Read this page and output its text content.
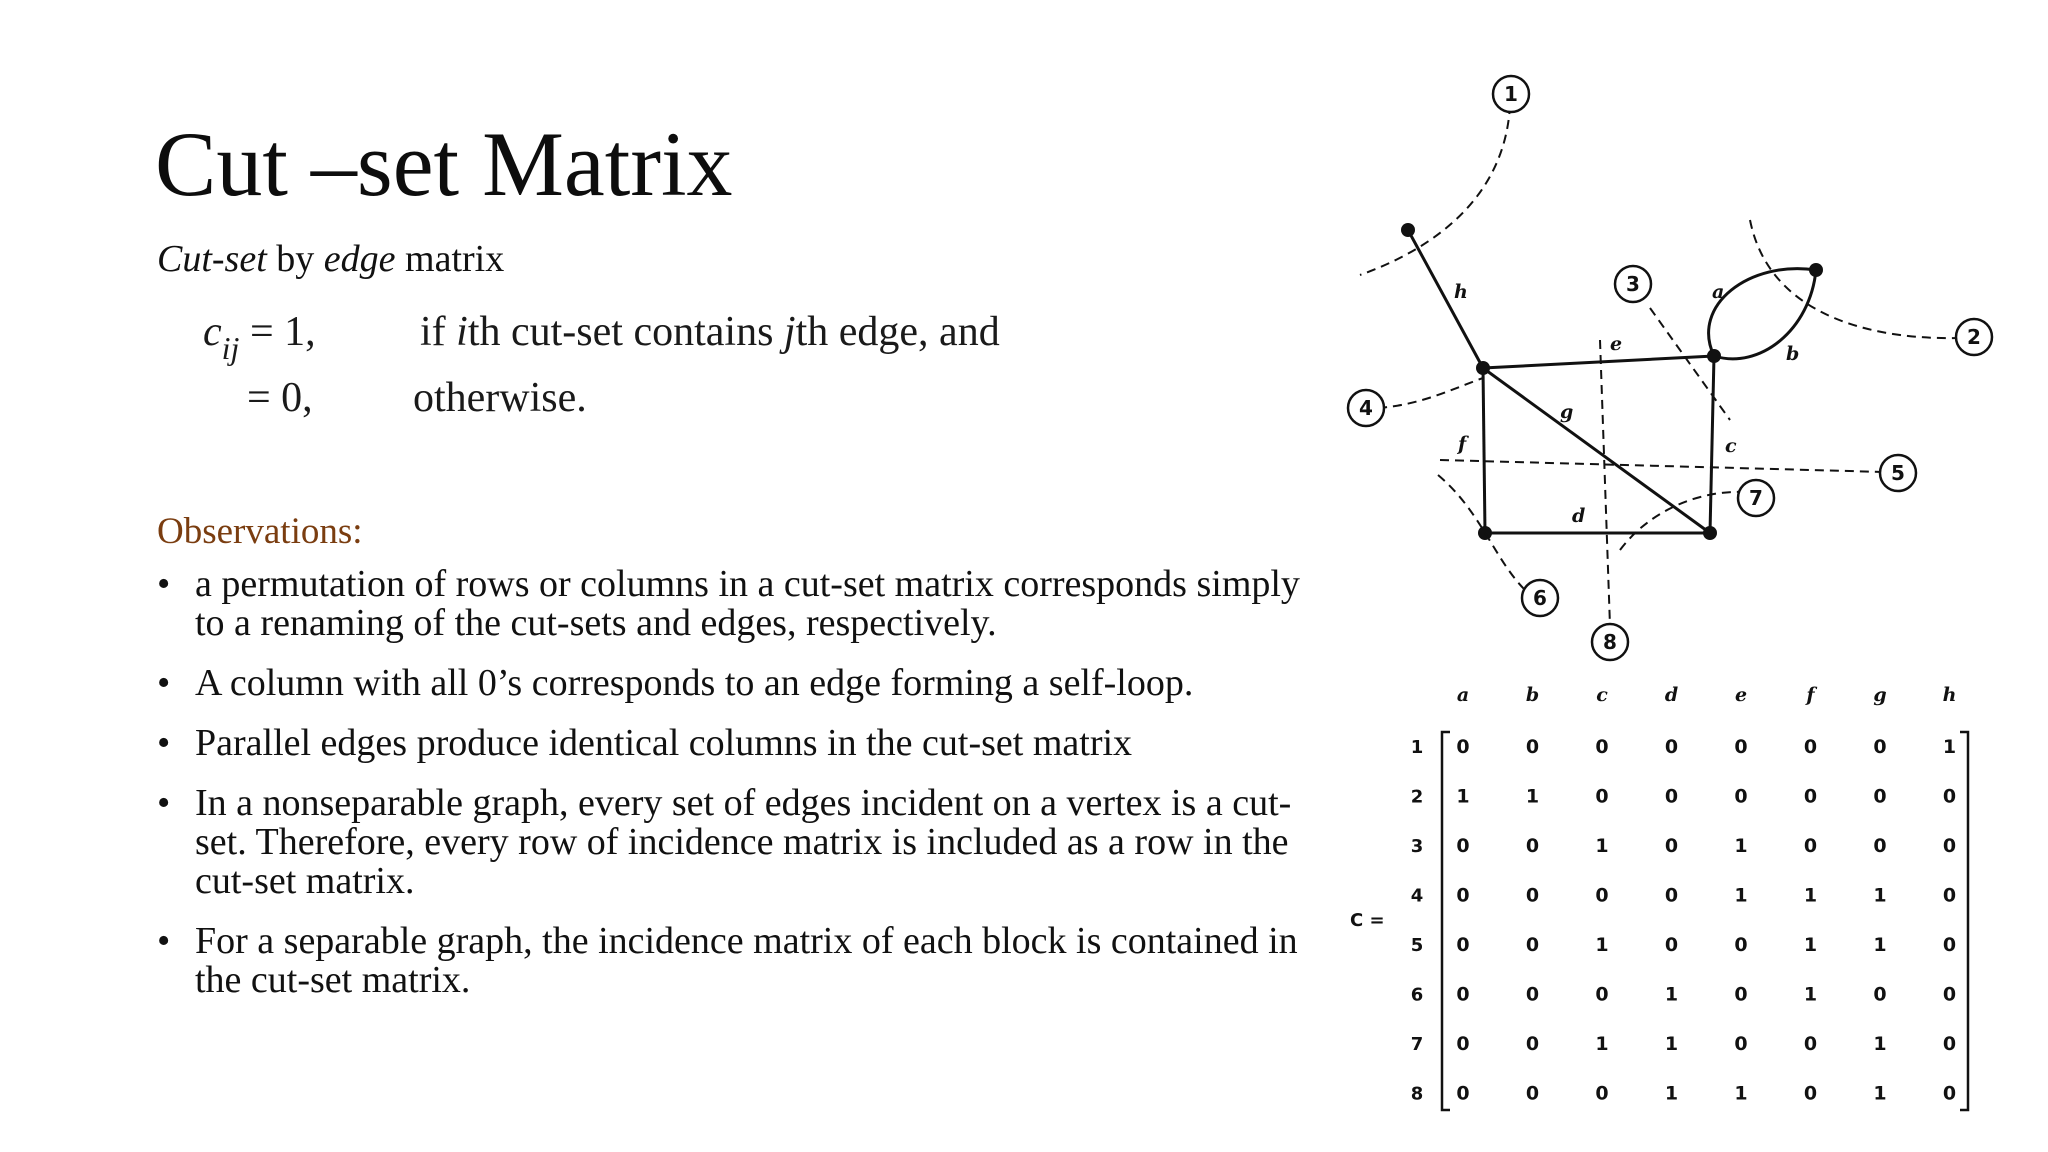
Cut –set Matrix
Cut-set by edge matrix
$c_{ij} = 1$, if ith cut-set contains jth edge, and
= 0, otherwise.
Observations:
• a permutation of rows or columns in a cut-set matrix corresponds simply to a renaming of the cut-sets and edges, respectively.
• A column with all 0’s corresponds to an edge forming a self-loop.
• Parallel edges produce identical columns in the cut-set matrix
• In a nonseparable graph, every set of edges incident on a vertex is a cut-set. Therefore, every row of incidence matrix is included as a row in the cut-set matrix.
• For a separable graph, the incidence matrix of each block is contained in the cut-set matrix.
h	a
b
e
g
f	c
d
1
2
3
4
5
6
7
8
C =
a	b	c	d	e	f	g	h
1
2
3
4
5
6
7
8
0	0	0	0	0	0	0	1
1	1	0	0	0	0	0	0
0	0	1	0	1	0	0	0
0	0	0	0	1	1	1	0
0	0	1	0	0	1	1	0
0	0	0	1	0	1	0	0
0	0	1	1	0	0	1	0
0	0	0	1	1	0	1	0
